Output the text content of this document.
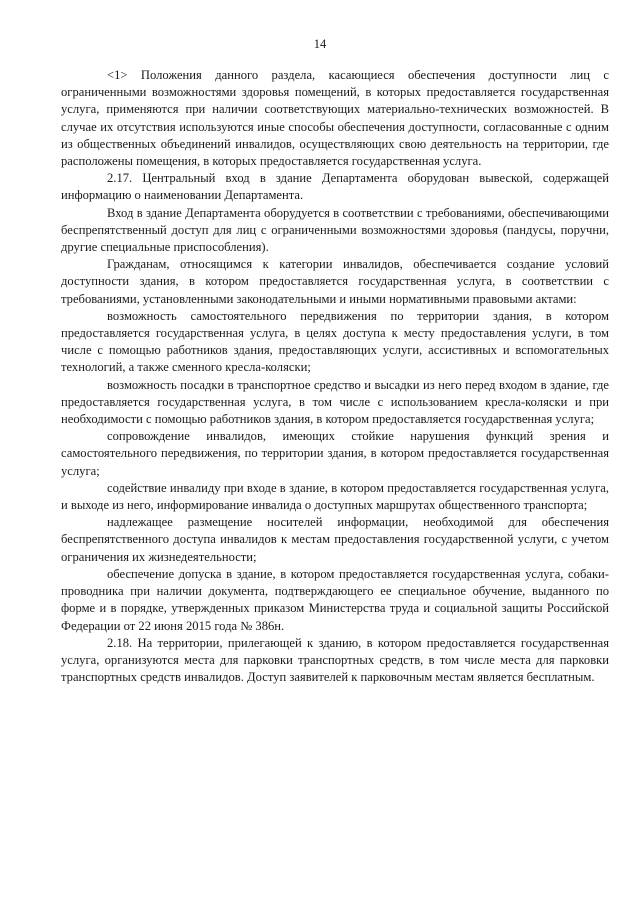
14

<1> Положения данного раздела, касающиеся обеспечения доступности лиц с ограниченными возможностями здоровья помещений, в которых предоставляется государственная услуга, применяются при наличии соответствующих материально-технических возможностей. В случае их отсутствия используются иные способы обеспечения доступности, согласованные с одним из общественных объединений инвалидов, осуществляющих свою деятельность на территории, где расположены помещения, в которых предоставляется государственная услуга.

2.17. Центральный вход в здание Департамента оборудован вывеской, содержащей информацию о наименовании Департамента.

Вход в здание Департамента оборудуется в соответствии с требованиями, обеспечивающими беспрепятственный доступ для лиц с ограниченными возможностями здоровья (пандусы, поручни, другие специальные приспособления).

Гражданам, относящимся к категории инвалидов, обеспечивается создание условий доступности здания, в котором предоставляется государственная услуга, в соответствии с требованиями, установленными законодательными и иными нормативными правовыми актами:

возможность самостоятельного передвижения по территории здания, в котором предоставляется государственная услуга, в целях доступа к месту предоставления услуги, в том числе с помощью работников здания, предоставляющих услуги, ассистивных и вспомогательных технологий, а также сменного кресла-коляски;

возможность посадки в транспортное средство и высадки из него перед входом в здание, где предоставляется государственная услуга, в том числе с использованием кресла-коляски и при необходимости с помощью работников здания, в котором предоставляется государственная услуга;

сопровождение инвалидов, имеющих стойкие нарушения функций зрения и самостоятельного передвижения, по территории здания, в котором предоставляется государственная услуга;

содействие инвалиду при входе в здание, в котором предоставляется государственная услуга, и выходе из него, информирование инвалида о доступных маршрутах общественного транспорта;

надлежащее размещение носителей информации, необходимой для обеспечения беспрепятственного доступа инвалидов к местам предоставления государственной услуги, с учетом ограничения их жизнедеятельности;

обеспечение допуска в здание, в котором предоставляется государственная услуга, собаки-проводника при наличии документа, подтверждающего ее специальное обучение, выданного по форме и в порядке, утвержденных приказом Министерства труда и социальной защиты Российской Федерации от 22 июня 2015 года № 386н.

2.18. На территории, прилегающей к зданию, в котором предоставляется государственная услуга, организуются места для парковки транспортных средств, в том числе места для парковки транспортных средств инвалидов. Доступ заявителей к парковочным местам является бесплатным.
